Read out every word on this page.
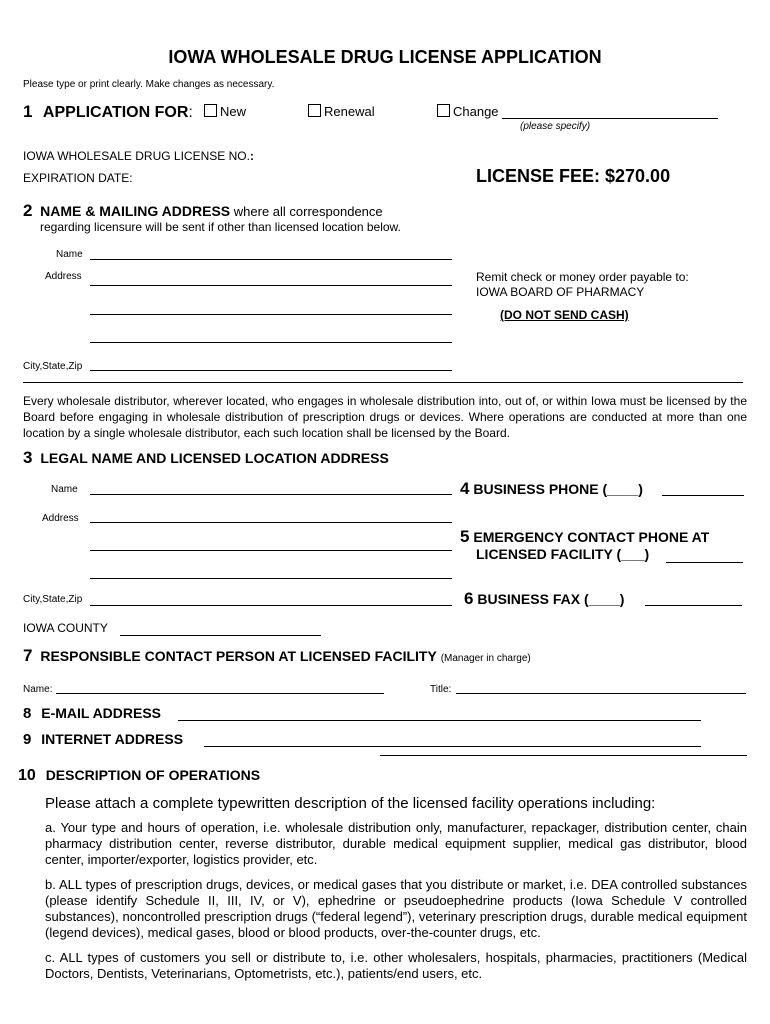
IOWA WHOLESALE DRUG LICENSE APPLICATION
Please type or print clearly. Make changes as necessary.
1 APPLICATION FOR:	New	Renewal	Change
(please specify)
IOWA WHOLESALE DRUG LICENSE NO.:
EXPIRATION DATE:	LICENSE FEE: $270.00
2 NAME & MAILING ADDRESS where all correspondence
regarding licensure will be sent if other than licensed location below.
Name
Address
City,State,Zip
Remit check or money order payable to:
IOWA BOARD OF PHARMACY
(DO NOT SEND CASH)
Every wholesale distributor, wherever located, who engages in wholesale distribution into, out of, or within Iowa must be licensed by the Board before engaging in wholesale distribution of prescription drugs or devices. Where operations are conducted at more than one location by a single wholesale distributor, each such location shall be licensed by the Board.
3 LEGAL NAME AND LICENSED LOCATION ADDRESS
Name
Address
City,State,Zip
IOWA COUNTY
4 BUSINESS PHONE (____)
5 EMERGENCY CONTACT PHONE AT
LICENSED FACILITY (___)
6 BUSINESS FAX (____)
7 RESPONSIBLE CONTACT PERSON AT LICENSED FACILITY (Manager in charge)
Name:	Title:
8 E-MAIL ADDRESS
9 INTERNET ADDRESS
10 DESCRIPTION OF OPERATIONS
Please attach a complete typewritten description of the licensed facility operations including:
a. Your type and hours of operation, i.e. wholesale distribution only, manufacturer, repackager, distribution center, chain pharmacy distribution center, reverse distributor, durable medical equipment supplier, medical gas distributor, blood center, importer/exporter, logistics provider, etc.
b. ALL types of prescription drugs, devices, or medical gases that you distribute or market, i.e. DEA controlled substances (please identify Schedule II, III, IV, or V), ephedrine or pseudoephedrine products (Iowa Schedule V controlled substances), noncontrolled prescription drugs (“federal legend”), veterinary prescription drugs, durable medical equipment (legend devices), medical gases, blood or blood products, over-the-counter drugs, etc.
c. ALL types of customers you sell or distribute to, i.e. other wholesalers, hospitals, pharmacies, practitioners (Medical Doctors, Dentists, Veterinarians, Optometrists, etc.), patients/end users, etc.
